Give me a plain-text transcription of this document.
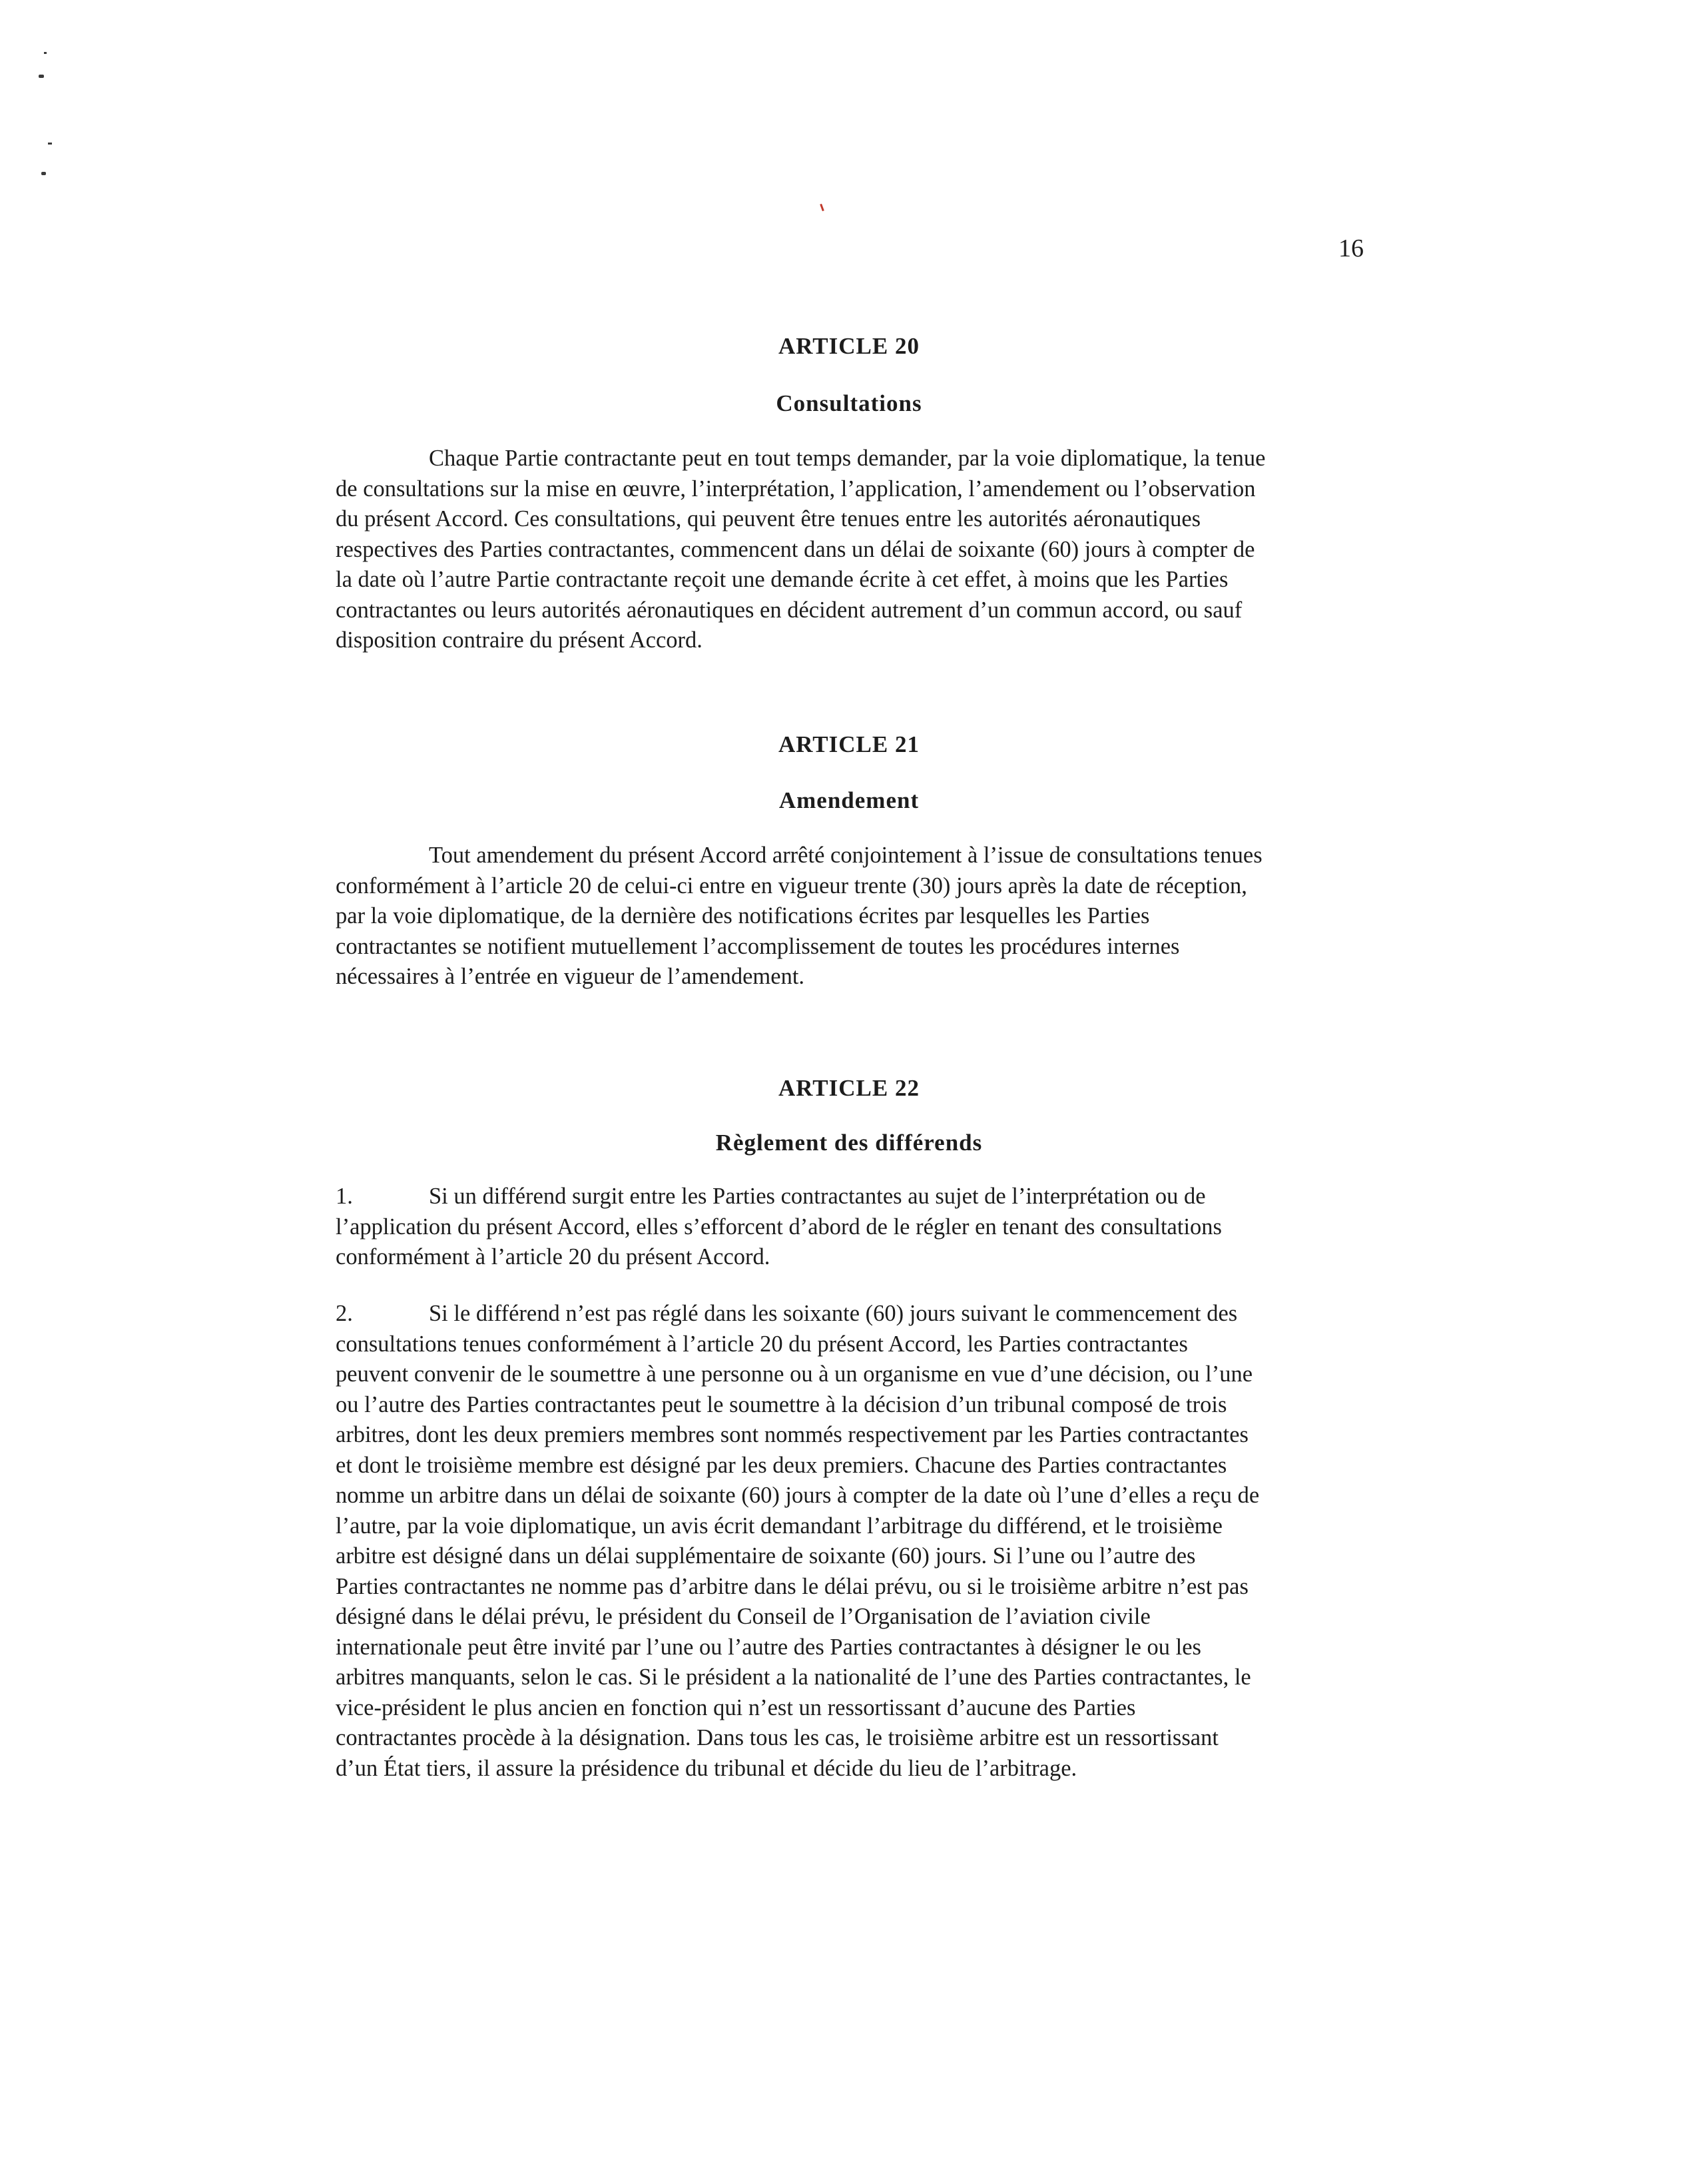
16
ARTICLE 20
Consultations
Chaque Partie contractante peut en tout temps demander, par la voie diplomatique, la tenue
de consultations sur la mise en œuvre, l’interprétation, l’application, l’amendement ou l’observation
du présent Accord. Ces consultations, qui peuvent être tenues entre les autorités aéronautiques
respectives des Parties contractantes, commencent dans un délai de soixante (60) jours à compter de
la date où l’autre Partie contractante reçoit une demande écrite à cet effet, à moins que les Parties
contractantes ou leurs autorités aéronautiques en décident autrement d’un commun accord, ou sauf
disposition contraire du présent Accord.
ARTICLE 21
Amendement
Tout amendement du présent Accord arrêté conjointement à l’issue de consultations tenues
conformément à l’article 20 de celui-ci entre en vigueur trente (30) jours après la date de réception,
par la voie diplomatique, de la dernière des notifications écrites par lesquelles les Parties
contractantes se notifient mutuellement l’accomplissement de toutes les procédures internes
nécessaires à l’entrée en vigueur de l’amendement.
ARTICLE 22
Règlement des différends
1.	Si un différend surgit entre les Parties contractantes au sujet de l’interprétation ou de
l’application du présent Accord, elles s’efforcent d’abord de le régler en tenant des consultations
conformément à l’article 20 du présent Accord.
2.	Si le différend n’est pas réglé dans les soixante (60) jours suivant le commencement des
consultations tenues conformément à l’article 20 du présent Accord, les Parties contractantes
peuvent convenir de le soumettre à une personne ou à un organisme en vue d’une décision, ou l’une
ou l’autre des Parties contractantes peut le soumettre à la décision d’un tribunal composé de trois
arbitres, dont les deux premiers membres sont nommés respectivement par les Parties contractantes
et dont le troisième membre est désigné par les deux premiers. Chacune des Parties contractantes
nomme un arbitre dans un délai de soixante (60) jours à compter de la date où l’une d’elles a reçu de
l’autre, par la voie diplomatique, un avis écrit demandant l’arbitrage du différend, et le troisième
arbitre est désigné dans un délai supplémentaire de soixante (60) jours. Si l’une ou l’autre des
Parties contractantes ne nomme pas d’arbitre dans le délai prévu, ou si le troisième arbitre n’est pas
désigné dans le délai prévu, le président du Conseil de l’Organisation de l’aviation civile
internationale peut être invité par l’une ou l’autre des Parties contractantes à désigner le ou les
arbitres manquants, selon le cas. Si le président a la nationalité de l’une des Parties contractantes, le
vice-président le plus ancien en fonction qui n’est un ressortissant d’aucune des Parties
contractantes procède à la désignation. Dans tous les cas, le troisième arbitre est un ressortissant
d’un État tiers, il assure la présidence du tribunal et décide du lieu de l’arbitrage.
